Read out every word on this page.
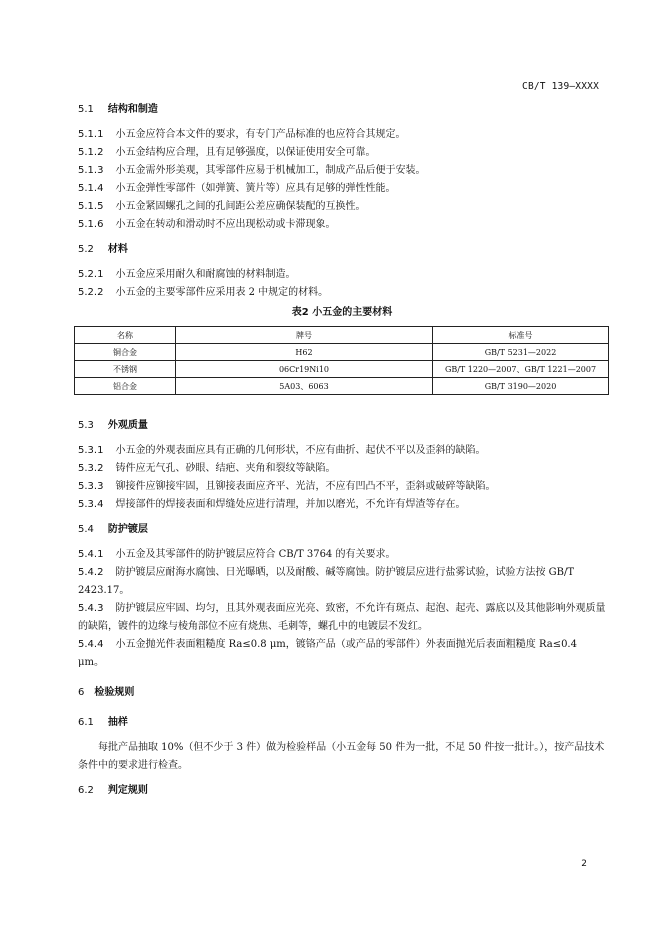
CB/T 139—XXXX
5.1 结构和制造
5.1.1 小五金应符合本文件的要求，有专门产品标准的也应符合其规定。
5.1.2 小五金结构应合理，且有足够强度，以保证使用安全可靠。
5.1.3 小五金需外形美观，其零部件应易于机械加工，制成产品后便于安装。
5.1.4 小五金弹性零部件（如弹簧、簧片等）应具有足够的弹性性能。
5.1.5 小五金紧固螺孔之间的孔间距公差应确保装配的互换性。
5.1.6 小五金在转动和滑动时不应出现松动或卡滞现象。
5.2 材料
5.2.1 小五金应采用耐久和耐腐蚀的材料制造。
5.2.2 小五金的主要零部件应采用表 2 中规定的材料。
表2 小五金的主要材料
名称	牌号	标准号
铜合金	H62	GB/T 5231—2022
不锈钢	06Cr19Ni10	GB/T 1220—2007、GB/T 1221—2007
铝合金	5A03、6063	GB/T 3190—2020
5.3 外观质量
5.3.1 小五金的外观表面应具有正确的几何形状，不应有曲折、起伏不平以及歪斜的缺陷。
5.3.2 铸件应无气孔、砂眼、结疤、夹角和裂纹等缺陷。
5.3.3 铆接件应铆接牢固，且铆接表面应齐平、光洁，不应有凹凸不平，歪斜或破碎等缺陷。
5.3.4 焊接部件的焊接表面和焊缝处应进行清理，并加以磨光，不允许有焊渣等存在。
5.4 防护镀层
5.4.1 小五金及其零部件的防护镀层应符合 CB/T 3764 的有关要求。
5.4.2 防护镀层应耐海水腐蚀、日光曝晒，以及耐酸、碱等腐蚀。防护镀层应进行盐雾试验，试验方法按 GB/T 2423.17。
5.4.3 防护镀层应牢固、均匀，且其外观表面应光亮、致密，不允许有斑点、起泡、起壳、露底以及其他影响外观质量的缺陷，镀件的边缘与棱角部位不应有烧焦、毛刺等，螺孔中的电镀层不发红。
5.4.4 小五金抛光件表面粗糙度 Ra≤0.8 μm，镀铬产品（或产品的零部件）外表面抛光后表面粗糙度 Ra≤0.4 μm。
6 检验规则
6.1 抽样
每批产品抽取 10%（但不少于 3 件）做为检验样品（小五金每 50 件为一批，不足 50 件按一批计。），按产品技术条件中的要求进行检查。
6.2 判定规则
2
